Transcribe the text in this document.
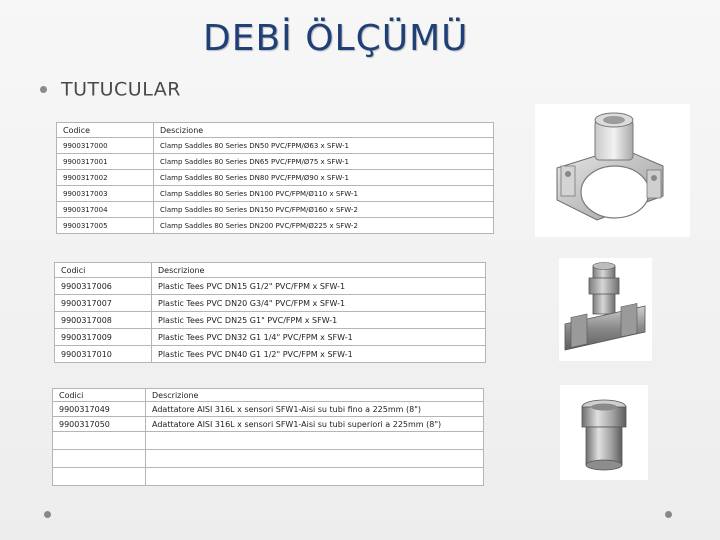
DEBİ ÖLÇÜMÜ
TUTUCULAR
Codice	Descizione
9900317000	Clamp Saddles 80 Series DN50 PVC/FPM/Ø63 x SFW-1
9900317001	Clamp Saddles 80 Series DN65 PVC/FPM/Ø75 x SFW-1
9900317002	Clamp Saddles 80 Series DN80 PVC/FPM/Ø90 x SFW-1
9900317003	Clamp Saddles 80 Series DN100 PVC/FPM/Ø110 x SFW-1
9900317004	Clamp Saddles 80 Series DN150 PVC/FPM/Ø160 x SFW-2
9900317005	Clamp Saddles 80 Series DN200 PVC/FPM/Ø225 x SFW-2
Codici	Descrizione
9900317006	Plastic Tees PVC DN15 G1/2" PVC/FPM x SFW-1
9900317007	Plastic Tees PVC DN20 G3/4" PVC/FPM x SFW-1
9900317008	Plastic Tees PVC DN25 G1" PVC/FPM x SFW-1
9900317009	Plastic Tees PVC DN32 G1 1/4" PVC/FPM x SFW-1
9900317010	Plastic Tees PVC DN40 G1 1/2" PVC/FPM x SFW-1
Codici	Descrizione
9900317049	Adattatore AISI 316L x sensori SFW1-Aisi su tubi fino a 225mm (8")
9900317050	Adattatore AISI 316L x sensori SFW1-Aisi su tubi superiori a 225mm (8")
